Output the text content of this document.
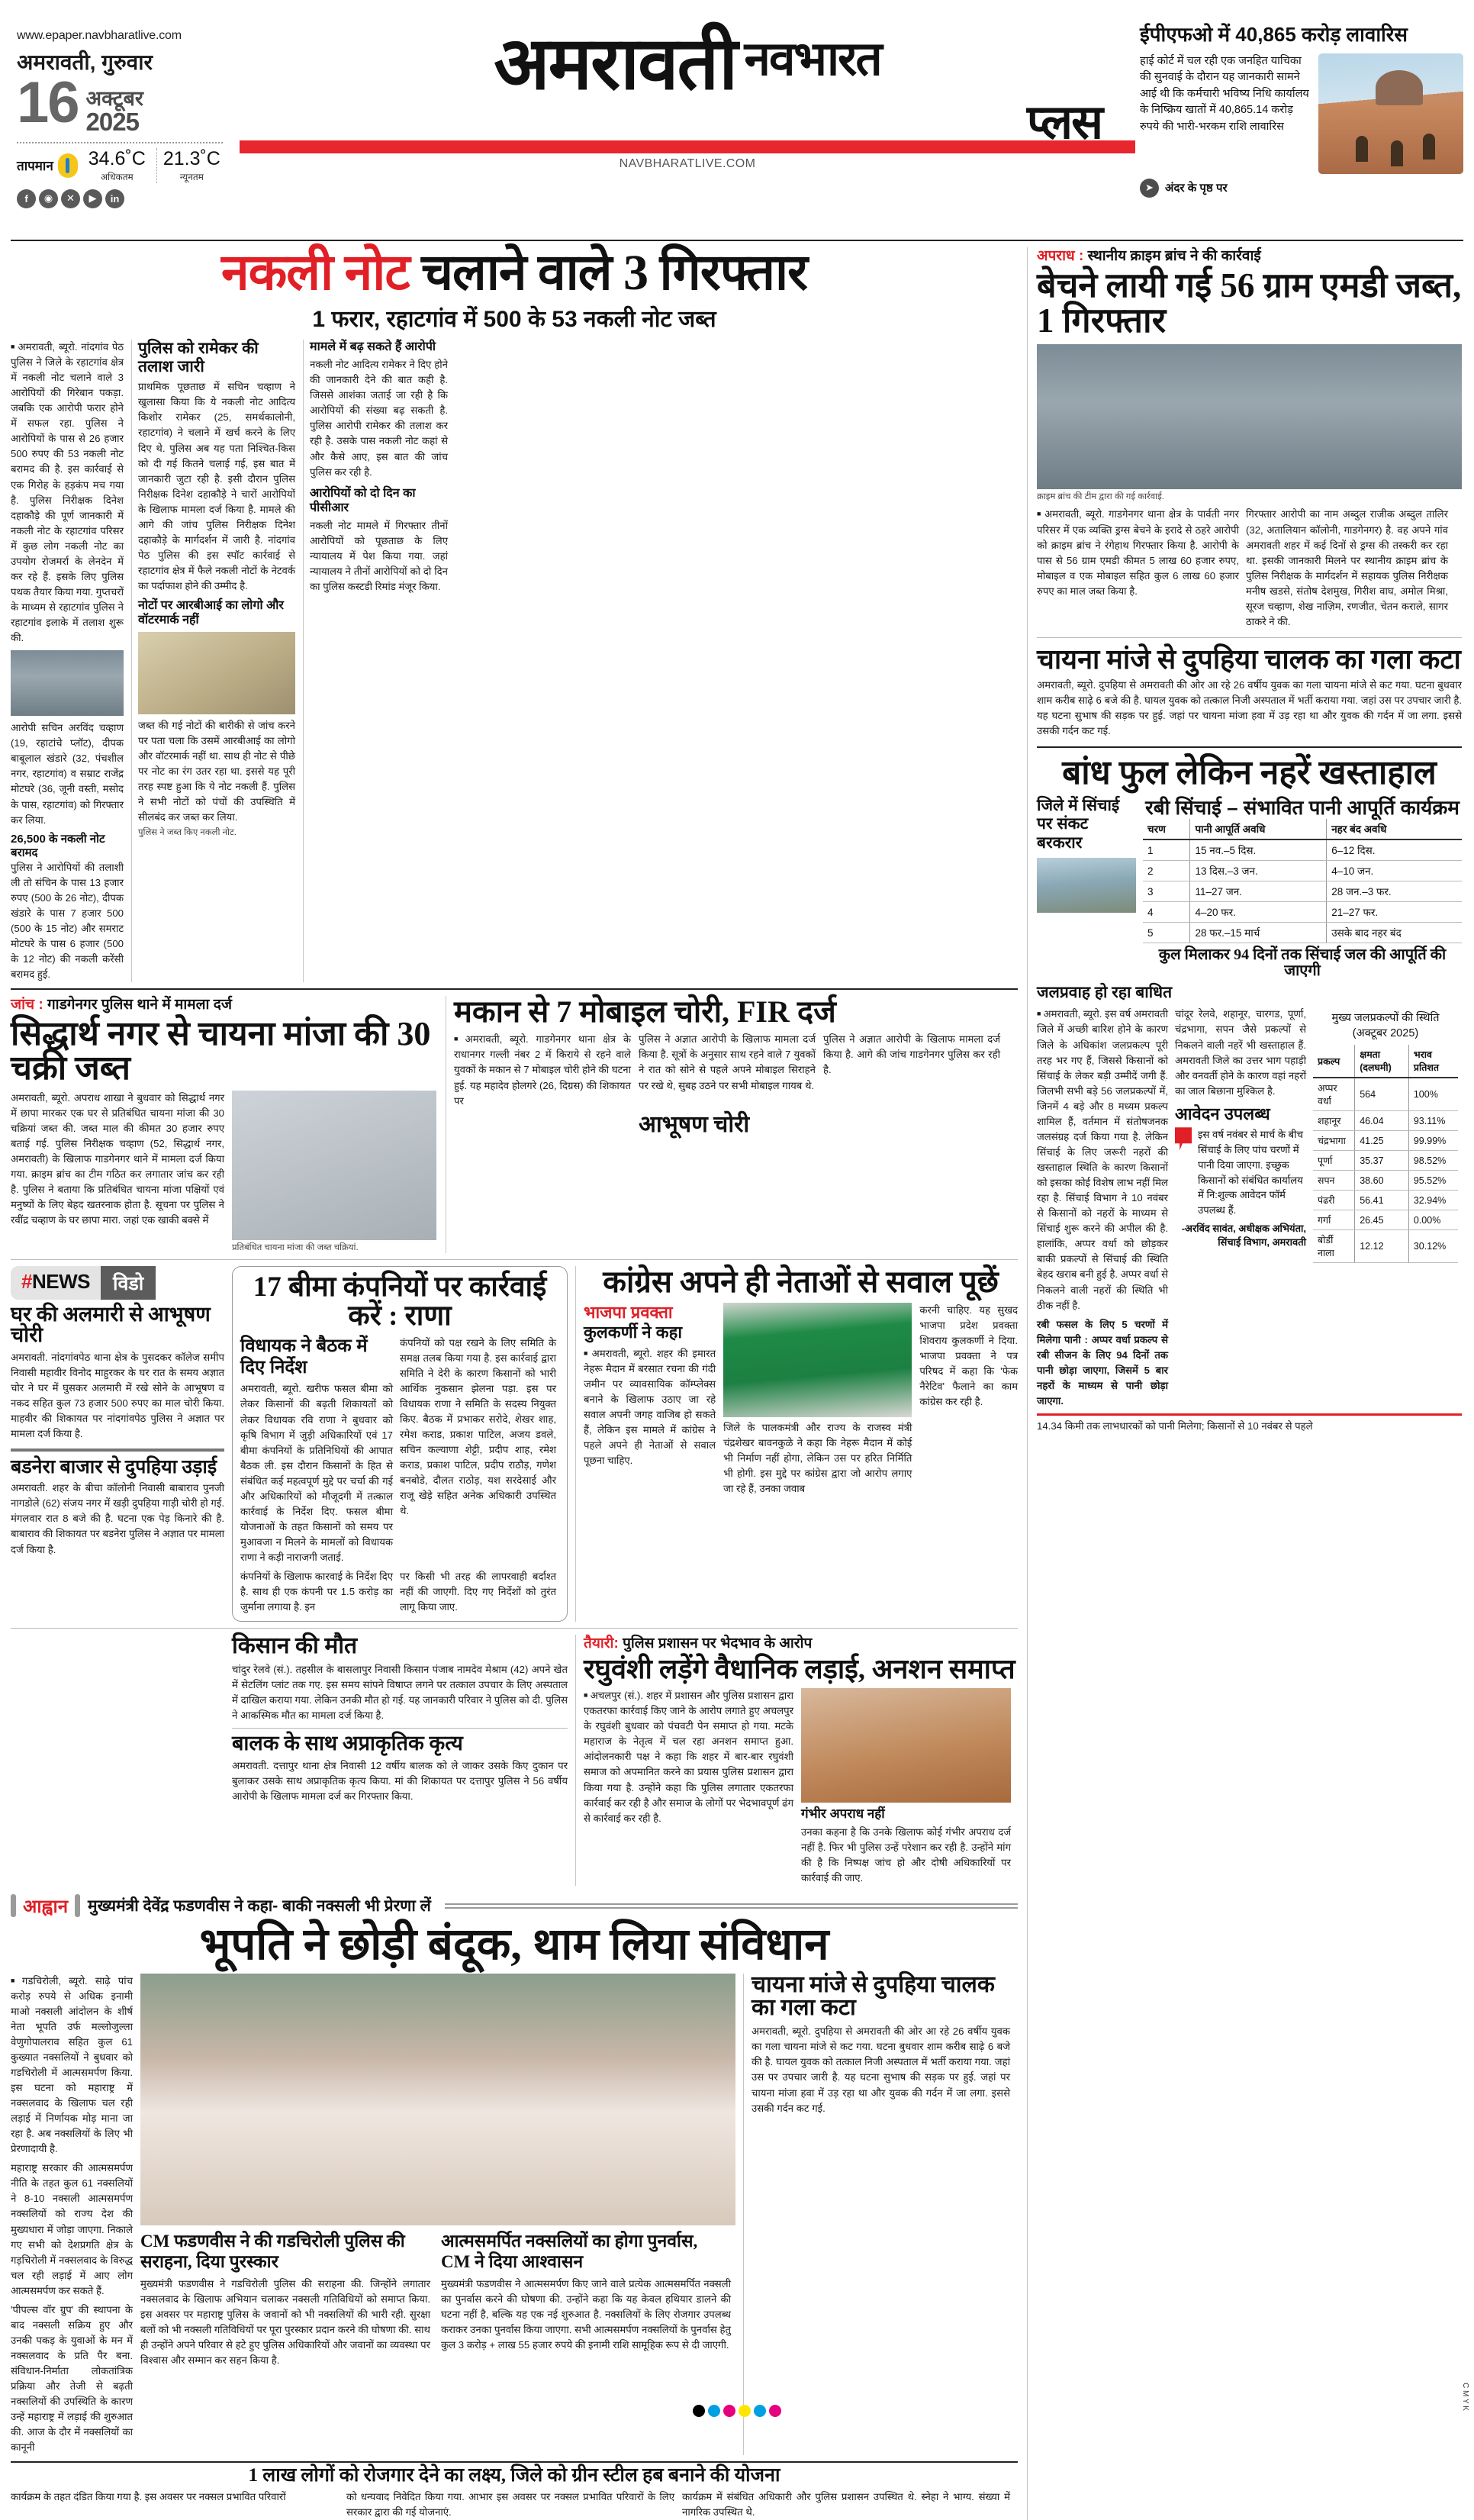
www.epaper.navbharatlive.com
अमरावती, गुरुवार
16 अक्टूबर
2025
तापमान 34.6˚C
अधिकतम
21.3˚C
न्यूनतम
f	◉	✕	▶	in
अमरावती नवभारत
प्लस
NAVBHARATLIVE.COM
ईपीएफओ में 40,865 करोड़ लावारिस
हाई कोर्ट में चल रही एक जनहित याचिका की सुनवाई के दौरान यह जानकारी सामने आई थी कि कर्मचारी भविष्य निधि कार्यालय के निष्क्रिय खातों में 40,865.14 करोड़ रुपये की भारी-भरकम राशि लावारिस
➤	अंदर के पृष्ठ पर
नकली नोट चलाने वाले 3 गिरफ्तार
1 फरार, रहाटगांव में 500 के 53 नकली नोट जब्त
■ अमरावती, ब्यूरो. नांदगांव पेठ पुलिस ने जिले के रहाटगांव क्षेत्र में नकली नोट चलाने वाले 3 आरोपियों की गिरेबान पकड़ा. जबकि एक आरोपी फरार होने में सफल रहा. पुलिस ने आरोपियों के पास से 26 हजार 500 रुपए की 53 नकली नोट बरामद की है. इस कार्रवाई से एक गिरोह के हड़कंप मच गया है. पुलिस निरीक्षक दिनेश दहाकौड़े की पूर्ण जानकारी में नकली नोट के रहाटगांव परिसर में कुछ लोग नकली नोट का उपयोग रोजमर्रा के लेनदेन में कर रहे हैं. इसके लिए पुलिस पथक तैयार किया गया. गुप्तचरों के माध्यम से रहाटगांव पुलिस ने रहाटगांव इलाके में तलाश शुरू की.
आरोपी सचिन अरविंद चव्हाण (19, रहाटांचे प्लॉट), दीपक बाबूलाल खंडारे (32, पंचशील नगर, रहाटगांव) व सम्राट राजेंद्र मोटघरे (36, जूनी वस्ती, मसोद के पास, रहाटगांव) को गिरफ्तार कर लिया.
26,500 के नकली नोट बरामद
पुलिस ने आरोपियों की तलाशी ली तो संचिन के पास 13 हजार रुपए (500 के 26 नोट), दीपक खंडारे के पास 7 हजार 500 (500 के 15 नोट) और समराट मोटघरे के पास 6 हजार (500 के 12 नोट) की नकली करेंसी बरामद हुई.
पुलिस को रामेकर की तलाश जारी
प्राथमिक पूछताछ में सचिन चव्हाण ने खुलासा किया कि ये नकली नोट आदित्य किशोर रामेकर (25, समर्थकालोनी, रहाटगांव) ने चलाने में खर्च करने के लिए दिए थे. पुलिस अब यह पता निश्चित-किस को दी गई कितने चलाई गई, इस बात में जानकारी जुटा रही है. इसी दौरान पुलिस निरीक्षक दिनेश दहाकौड़े ने चारों आरोपियों के खिलाफ मामला दर्ज किया है. मामले की आगे की जांच पुलिस निरीक्षक दिनेश दहाकौड़े के मार्गदर्शन में जारी है. नांदगांव पेठ पुलिस की इस स्पॉट कार्रवाई से रहाटगांव क्षेत्र में फैले नकली नोटों के नेटवर्क का पर्दाफाश होने की उम्मीद है.
नोटों पर आरबीआई का लोगो और वॉटरमार्क नहीं
जब्त की गई नोटों की बारीकी से जांच करने पर पता चला कि उसमें आरबीआई का लोगो और वॉटरमार्क नहीं था. साथ ही नोट से पीछे पर नोट का रंग उतर रहा था. इससे यह पूरी तरह स्पष्ट हुआ कि ये नोट नकली हैं. पुलिस ने सभी नोटों को पंचों की उपस्थिति में सीलबंद कर जब्त कर लिया.
पुलिस ने जब्त किए नकली नोट.
मामले में बढ़ सकते हैं आरोपी
नकली नोट आदित्य रामेकर ने दिए होने की जानकारी देने की बात कही है. जिससे आशंका जताई जा रही है कि आरोपियों की संख्या बढ़ सकती है. पुलिस आरोपी रामेकर की तलाश कर रही है. उसके पास नकली नोट कहां से और कैसे आए, इस बात की जांच पुलिस कर रही है.
आरोपियों को दो दिन का पीसीआर
नकली नोट मामले में गिरफ्तार तीनों आरोपियों को पूछताछ के लिए न्यायालय में पेश किया गया. जहां न्यायालय ने तीनों आरोपियों को दो दिन का पुलिस कस्टडी रिमांड मंजूर किया.
जांच : गाडगेनगर पुलिस थाने में मामला दर्ज
सिद्धार्थ नगर से चायना मांजा की 30 चक्री जब्त
अमरावती, ब्यूरो. अपराध शाखा ने बुधवार को सिद्धार्थ नगर में छापा मारकर एक घर से प्रतिबंधित चायना मांजा की 30 चक्रियां जब्त की. जब्त माल की कीमत 30 हजार रुपए बताई गई. पुलिस निरीक्षक चव्हाण (52, सिद्धार्थ नगर, अमरावती) के खिलाफ गाडगेनगर थाने में मामला दर्ज किया गया. क्राइम ब्रांच का टीम गठित कर लगातार जांच कर रही है. पुलिस ने बताया कि प्रतिबंधित चायना मांजा पक्षियों एवं मनुष्यों के लिए बेहद खतरनाक होता है. सूचना पर पुलिस ने रवींद्र चव्हाण के घर छापा मारा. जहां एक खाकी बक्से में
प्रतिबंधित चायना मांजा की जब्त चक्रियां.
मकान से 7 मोबाइल चोरी, FIR दर्ज
■ अमरावती, ब्यूरो. गाडगेनगर थाना क्षेत्र के राधानगर गल्ली नंबर 2 में किराये से रहने वाले युवकों के मकान से 7 मोबाइल चोरी होने की घटना हुई. यह महादेव होलगरे (26, दिग्रस) की शिकायत पर
पुलिस ने अज्ञात आरोपी के खिलाफ मामला दर्ज किया है. सूत्रों के अनुसार साथ रहने वाले 7 युवकों ने रात को सोने से पहले अपने मोबाइल सिराहने पर रखे थे, सुबह उठने पर सभी मोबाइल गायब थे.
पुलिस ने अज्ञात आरोपी के खिलाफ मामला दर्ज किया है. आगे की जांच गाडगेनगर पुलिस कर रही है.
आभूषण चोरी
#NEWS	विडो
घर की अलमारी से आभूषण चोरी
अमरावती. नांदगांवपेठ थाना क्षेत्र के पुसदकर कॉलेज समीप निवासी महावीर विनोद माहुरकर के घर रात के समय अज्ञात चोर ने घर में घुसकर अलमारी में रखे सोने के आभूषण व नकद सहित कुल 73 हजार 500 रुपए का माल चोरी किया. माहवीर की शिकायत पर नांदगांवपेठ पुलिस ने अज्ञात पर मामला दर्ज किया है.
बडनेरा बाजार से दुपहिया उड़ाई
अमरावती. शहर के बीचा कॉलोनी निवासी बाबाराव पुनजी नागडोले (62) संजय नगर में खड़ी दुपहिया गाड़ी चोरी हो गई. मंगलवार रात 8 बजे की है. घटना एक पेड़ किनारे की है. बाबाराव की शिकायत पर बडनेरा पुलिस ने अज्ञात पर मामला दर्ज किया है.
17 बीमा कंपनियों पर कार्रवाई करें : राणा
विधायक ने बैठक में दिए निर्देश
अमरावती, ब्यूरो. खरीफ फसल बीमा को लेकर किसानों की बढ़ती शिकायतों को लेकर विधायक रवि राणा ने बुधवार को कृषि विभाग में जुड़ी अधिकारियों एवं 17 बीमा कंपनियों के प्रतिनिधियों की आपात बैठक ली. इस दौरान किसानों के हित से संबंधित कई महत्वपूर्ण मुद्दे पर चर्चा की गई और अधिकारियों को मौजूदगी में तत्काल कार्रवाई के निर्देश दिए. फसल बीमा योजनाओं के तहत किसानों को समय पर मुआवजा न मिलने के मामलों को विधायक राणा ने कड़ी नाराजगी जताई.
कंपनियों को पक्ष रखने के लिए समिति के समक्ष तलब किया गया है. इस कार्रवाई द्वारा समिति ने देरी के कारण किसानों को भारी आर्थिक नुकसान झेलना पड़ा. इस पर विधायक राणा ने समिति के सदस्य नियुक्त किए. बैठक में प्रभाकर सरोदे, शेखर शाह, रमेश कराड, प्रकाश पाटिल, अजय डवले, सचिन कल्याणा शेट्टी, प्रदीप शाह, रमेश कराड, प्रकाश पाटिल, प्रदीप राठौड़, गणेश बनबोडे, दौलत राठोड़, यश सरदेसाई और राजू खेड़े सहित अनेक अधिकारी उपस्थित थे.
कंपनियों के खिलाफ कारवाई के निर्देश दिए है. साथ ही एक कंपनी पर 1.5 करोड़ का जुर्माना लगाया है. इन
पर किसी भी तरह की लापरवाही बर्दाश्त नहीं की जाएगी. दिए गए निर्देशों को तुरंत लागू किया जाए.
कांग्रेस अपने ही नेताओं से सवाल पूछें
भाजपा प्रवक्ता
कुलकर्णी ने कहा
■ अमरावती, ब्यूरो. शहर की इमारत नेहरू मैदान में बरसात रचना की गंदी जमीन पर व्यावसायिक कॉम्प्लेक्स बनाने के खिलाफ उठाए जा रहे सवाल अपनी जगह वाजिब हो सकते हैं, लेकिन इस मामले में कांग्रेस ने पहले अपने ही नेताओं से सवाल पूछना चाहिए.
जिले के पालकमंत्री और राज्य के राजस्व मंत्री चंद्रशेखर बावनकुळे ने कहा कि नेहरू मैदान में कोई भी निर्माण नहीं होगा, लेकिन उस पर हरित निर्मिति भी होगी. इस मुद्दे पर कांग्रेस द्वारा जो आरोप लगाए जा रहे हैं, उनका जवाब
करनी चाहिए. यह सुखद भाजपा प्रदेश प्रवक्ता शिवराय कुलकर्णी ने दिया. भाजपा प्रवक्ता ने पत्र परिषद में कहा कि 'फेक नैरेटिव' फैलाने का काम कांग्रेस कर रही है.
किसान की मौत
चांदुर रेलवे (सं.). तहसील के बासलापुर निवासी किसान पंजाब नामदेव मेश्राम (42) अपने खेत में सेटलिंग प्लांट तक गए. इस समय सांपने विषाप्त लगने पर तत्काल उपचार के लिए अस्पताल में दाखिल कराया गया. लेकिन उनकी मौत हो गई. यह जानकारी परिवार ने पुलिस को दी. पुलिस ने आकस्मिक मौत का मामला दर्ज किया है.
बालक के साथ अप्राकृतिक कृत्य
अमरावती. दत्तापुर थाना क्षेत्र निवासी 12 वर्षीय बालक को ले जाकर उसके किए दुकान पर बुलाकर उसके साथ अप्राकृतिक कृत्य किया. मां की शिकायत पर दत्तापुर पुलिस ने 56 वर्षीय आरोपी के खिलाफ मामला दर्ज कर गिरफ्तार किया.
तैयारी: पुलिस प्रशासन पर भेदभाव के आरोप
रघुवंशी लड़ेंगे वैधानिक लड़ाई, अनशन समाप्त
■ अचलपुर (सं.). शहर में प्रशासन और पुलिस प्रशासन द्वारा एकतरफा कार्रवाई किए जाने के आरोप लगाते हुए अचलपुर के रघुवंशी बुधवार को पंचवटी पेन समाप्त हो गया. मटके महाराज के नेतृत्व में चल रहा अनशन समाप्त हुआ. आंदोलनकारी पक्ष ने कहा कि शहर में बार-बार रघुवंशी समाज को अपमानित करने का प्रयास पुलिस प्रशासन द्वारा किया गया है. उन्होंने कहा कि पुलिस लगातार एकतरफा कार्रवाई कर रही है और समाज के लोगों पर भेदभावपूर्ण ढंग से कार्रवाई कर रही है.	गंभीर अपराध नहीं
उनका कहना है कि उनके खिलाफ कोई गंभीर अपराध दर्ज नहीं है. फिर भी पुलिस उन्हें परेशान कर रही है. उन्होंने मांग की है कि निष्पक्ष जांच हो और दोषी अधिकारियों पर कार्रवाई की जाए.
आह्वान मुख्यमंत्री देवेंद्र फडणवीस ने कहा- बाकी नक्सली भी प्रेरणा लें
भूपति ने छोड़ी बंदूक, थाम लिया संविधान
■ गडचिरोली, ब्यूरो. साढ़े पांच करोड़ रुपये से अधिक इनामी माओ नक्सली आंदोलन के शीर्ष नेता भूपति उर्फ मल्लोजुल्ला वेणुगोपालराव सहित कुल 61 कुख्यात नक्सलियों ने बुधवार को गडचिरोली में आत्मसमर्पण किया. इस घटना को महाराष्ट्र में नक्सलवाद के खिलाफ चल रही लड़ाई में निर्णायक मोड़ माना जा रहा है. अब नक्सलियों के लिए भी प्रेरणादायी है.
महाराष्ट्र सरकार की आत्मसमर्पण नीति के तहत कुल 61 नक्सलियों ने 8-10 नक्सली आत्मसमर्पण नक्सलियों को राज्य देश की मुख्यधारा में जोड़ा जाएगा. निकाले गए सभी को देशप्रगति क्षेत्र के गड़चिरोली में नक्सलवाद के विरुद्ध चल रही लड़ाई में आए लोग आत्मसमर्पण कर सकते हैं.
'पीपल्स वॉर ग्रुप' की स्थापना के बाद नक्सली सक्रिय हुए और उनकी पकड़ के युवाओं के मन में नक्सलवाद के प्रति पैर बना. संविधान-निर्माता लोकतांत्रिक प्रक्रिया और तेजी से बढ़ती नक्सलियों की उपस्थिति के कारण उन्हें महाराष्ट्र में लड़ाई की शुरुआत की. आज के दौर में नक्सलियों का कानूनी
CM फडणवीस ने की गडचिरोली पुलिस की सराहना, दिया पुरस्कार
मुख्यमंत्री फडणवीस ने गडचिरोली पुलिस की सराहना की. जिन्होंने लगातार नक्सलवाद के खिलाफ अभियान चलाकर नक्सली गतिविधियों को समाप्त किया. इस अवसर पर महाराष्ट्र पुलिस के जवानों को भी नक्सलियों की भारी रही. सुरक्षा बलों को भी नक्सली गतिविधियों पर पूरा पुरस्कार प्रदान करने की घोषणा की. साथ ही उन्होंने अपने परिवार से हटे हुए पुलिस अधिकारियों और जवानों का व्यवस्था पर विश्वास और सम्मान कर सहन किया है.
आत्मसमर्पित नक्सलियों का होगा पुनर्वास, CM ने दिया आश्वासन
मुख्यमंत्री फडणवीस ने आत्मसमर्पण किए जाने वाले प्रत्येक आत्मसमर्पित नक्सली का पुनर्वास करने की घोषणा की. उन्होंने कहा कि यह केवल हथियार डालने की घटना नहीं है, बल्कि यह एक नई शुरुआत है. नक्सलियों के लिए रोजगार उपलब्ध कराकर उनका पुनर्वास किया जाएगा. सभी आत्मसमर्पण नक्सलियों के पुनर्वास हेतु कुल 3 करोड़ + लाख 55 हजार रुपये की इनामी राशि सामूहिक रूप से दी जाएगी.
चायना मांजे से दुपहिया चालक का गला कटा
अमरावती, ब्यूरो. दुपहिया से अमरावती की ओर आ रहे 26 वर्षीय युवक का गला चायना मांजे से कट गया. घटना बुधवार शाम करीब साढ़े 6 बजे की है. घायल युवक को तत्काल निजी अस्पताल में भर्ती कराया गया. जहां उस पर उपचार जारी है. यह घटना सुभाष की सड़क पर हुई. जहां पर चायना मांजा हवा में उड़ रहा था और युवक की गर्दन में जा लगा. इससे उसकी गर्दन कट गई.
1 लाख लोगों को रोजगार देने का लक्ष्य, जिले को ग्रीन स्टील हब बनाने की योजना
कार्यक्रम के तहत दंडित किया गया है. इस अवसर पर नक्सल प्रभावित परिवारों	को धन्यवाद निवेदित किया गया. आभार इस अवसर पर नक्सल प्रभावित परिवारों के लिए सरकार द्वारा की गई योजनाएं.
कार्यक्रम में संबंधित अधिकारी और पुलिस प्रशासन उपस्थित थे. स्नेहा ने भाग्य. संख्या में नागरिक उपस्थित थे.
अपराध : स्थानीय क्राइम ब्रांच ने की कार्रवाई
बेचने लायी गई 56 ग्राम एमडी जब्त, 1 गिरफ्तार
क्राइम ब्रांच की टीम द्वारा की गई कार्रवाई.
■ अमरावती, ब्यूरो. गाडगेनगर थाना क्षेत्र के पार्वती नगर परिसर में एक व्यक्ति ड्रग्स बेचने के इरादे से ठहरे आरोपी को क्राइम ब्रांच ने रंगेहाथ गिरफ्तार किया है. आरोपी के पास से 56 ग्राम एमडी कीमत 5 लाख 60 हजार रुपए, मोबाइल व एक मोबाइल सहित कुल 6 लाख 60 हजार रुपए का माल जब्त किया है.
गिरफ्तार आरोपी का नाम अब्दुल राजीक अब्दुल तालिर (32, अतालियान कॉलोनी, गाडगेनगर) है. वह अपने गांव अमरावती शहर में कई दिनों से ड्रग्स की तस्करी कर रहा था. इसकी जानकारी मिलने पर स्थानीय क्राइम ब्रांच के पुलिस निरीक्षक के मार्गदर्शन में सहायक पुलिस निरीक्षक मनीष खडसे, संतोष देशमुख, गिरीश वाघ, अमोल मिश्रा, सूरज चव्हाण, शेख नाज़िम, रणजीत, चेतन कराले, सागर ठाकरे ने की.
चायना मांजे से दुपहिया चालक का गला कटा
अमरावती, ब्यूरो. दुपहिया से अमरावती की ओर आ रहे 26 वर्षीय युवक का गला चायना मांजे से कट गया. घटना बुधवार शाम करीब साढ़े 6 बजे की है. घायल युवक को तत्काल निजी अस्पताल में भर्ती कराया गया. जहां उस पर उपचार जारी है. यह घटना सुभाष की सड़क पर हुई. जहां पर चायना मांजा हवा में उड़ रहा था और युवक की गर्दन में जा लगा. इससे उसकी गर्दन कट गई.
बांध फुल लेकिन नहरें खस्ताहाल
जिले में सिंचाई
पर संकट बरकरार
रबी सिंचाई – संभावित पानी आपूर्ति कार्यक्रम
चरण	पानी आपूर्ति अवधि	नहर बंद अवधि
1	15 नव.–5 दिस.	6–12 दिस.
2	13 दिस.–3 जन.	4–10 जन.
3	11–27 जन.	28 जन.–3 फर.
4	4–20 फर.	21–27 फर.
5	28 फर.–15 मार्च	उसके बाद नहर बंद
कुल मिलाकर 94 दिनों तक सिंचाई जल की आपूर्ति की जाएगी
जलप्रवाह हो रहा बाधित
■ अमरावती, ब्यूरो. इस वर्ष अमरावती जिले में अच्छी बारिश होने के कारण जिले के अधिकांश जलप्रकल्प पूरी तरह भर गए हैं, जिससे किसानों को सिंचाई के लेकर बड़ी उम्मीदें जगी हैं. जिलभी सभी बड़े 56 जलप्रकल्पों में, जिनमें 4 बड़े और 8 मध्यम प्रकल्प शामिल हैं, वर्तमान में संतोषजनक जलसंग्रह दर्ज किया गया है. लेकिन सिंचाई के लिए जरूरी नहरों की खस्ताहाल स्थिति के कारण किसानों को इसका कोई विशेष लाभ नहीं मिल रहा है. सिंचाई विभाग ने 10 नवंबर से किसानों को नहरों के माध्यम से सिंचाई शुरू करने की अपील की है. हालांकि, अप्पर वर्धा को छोड़कर बाकी प्रकल्पों से सिंचाई की स्थिति बेहद खराब बनी हुई है. अप्पर वर्धा से निकलने वाली नहरों की स्थिति भी ठीक नहीं है.
रबी फसल के लिए 5 चरणों में मिलेगा पानी : अप्पर वर्धा प्रकल्प से रबी सीजन के लिए 94 दिनों तक पानी छोड़ा जाएगा, जिसमें 5 बार नहरों के माध्यम से पानी छोड़ा जाएगा.
चांदूर रेलवे, शहानूर, चारगड, पूर्णा, चंद्रभागा, सपन जैसे प्रकल्पों से निकलने वाली नहरें भी खस्ताहाल हैं. अमरावती जिले का उत्तर भाग पहाड़ी और वनवर्ती होने के कारण वहां नहरों का जाल बिछाना मुश्किल है.
आवेदन उपलब्ध
इस वर्ष नवंबर से मार्च के बीच सिंचाई के लिए पांच चरणों में पानी दिया जाएगा. इच्छुक किसानों को संबंधित कार्यालय में नि:शुल्क आवेदन फॉर्म उपलब्ध हैं.
-अरविंद सावंत, अधीक्षक अभियंता, सिंचाई विभाग, अमरावती
मुख्य जलप्रकल्पों की स्थिति (अक्टूबर 2025)
प्रकल्प	क्षमता (दलघमी)	भराव प्रतिशत
अप्पर वर्धा	564	100%
शहानूर	46.04	93.11%
चंद्रभागा	41.25	99.99%
पूर्णा	35.37	98.52%
सपन	38.60	95.52%
पंढरी	56.41	32.94%
गर्गा	26.45	0.00%
बोर्डी नाला	12.12	30.12%
14.34 किमी तक लाभधारकों को पानी मिलेगा; किसानों से 10 नवंबर से पहले
C M Y K
